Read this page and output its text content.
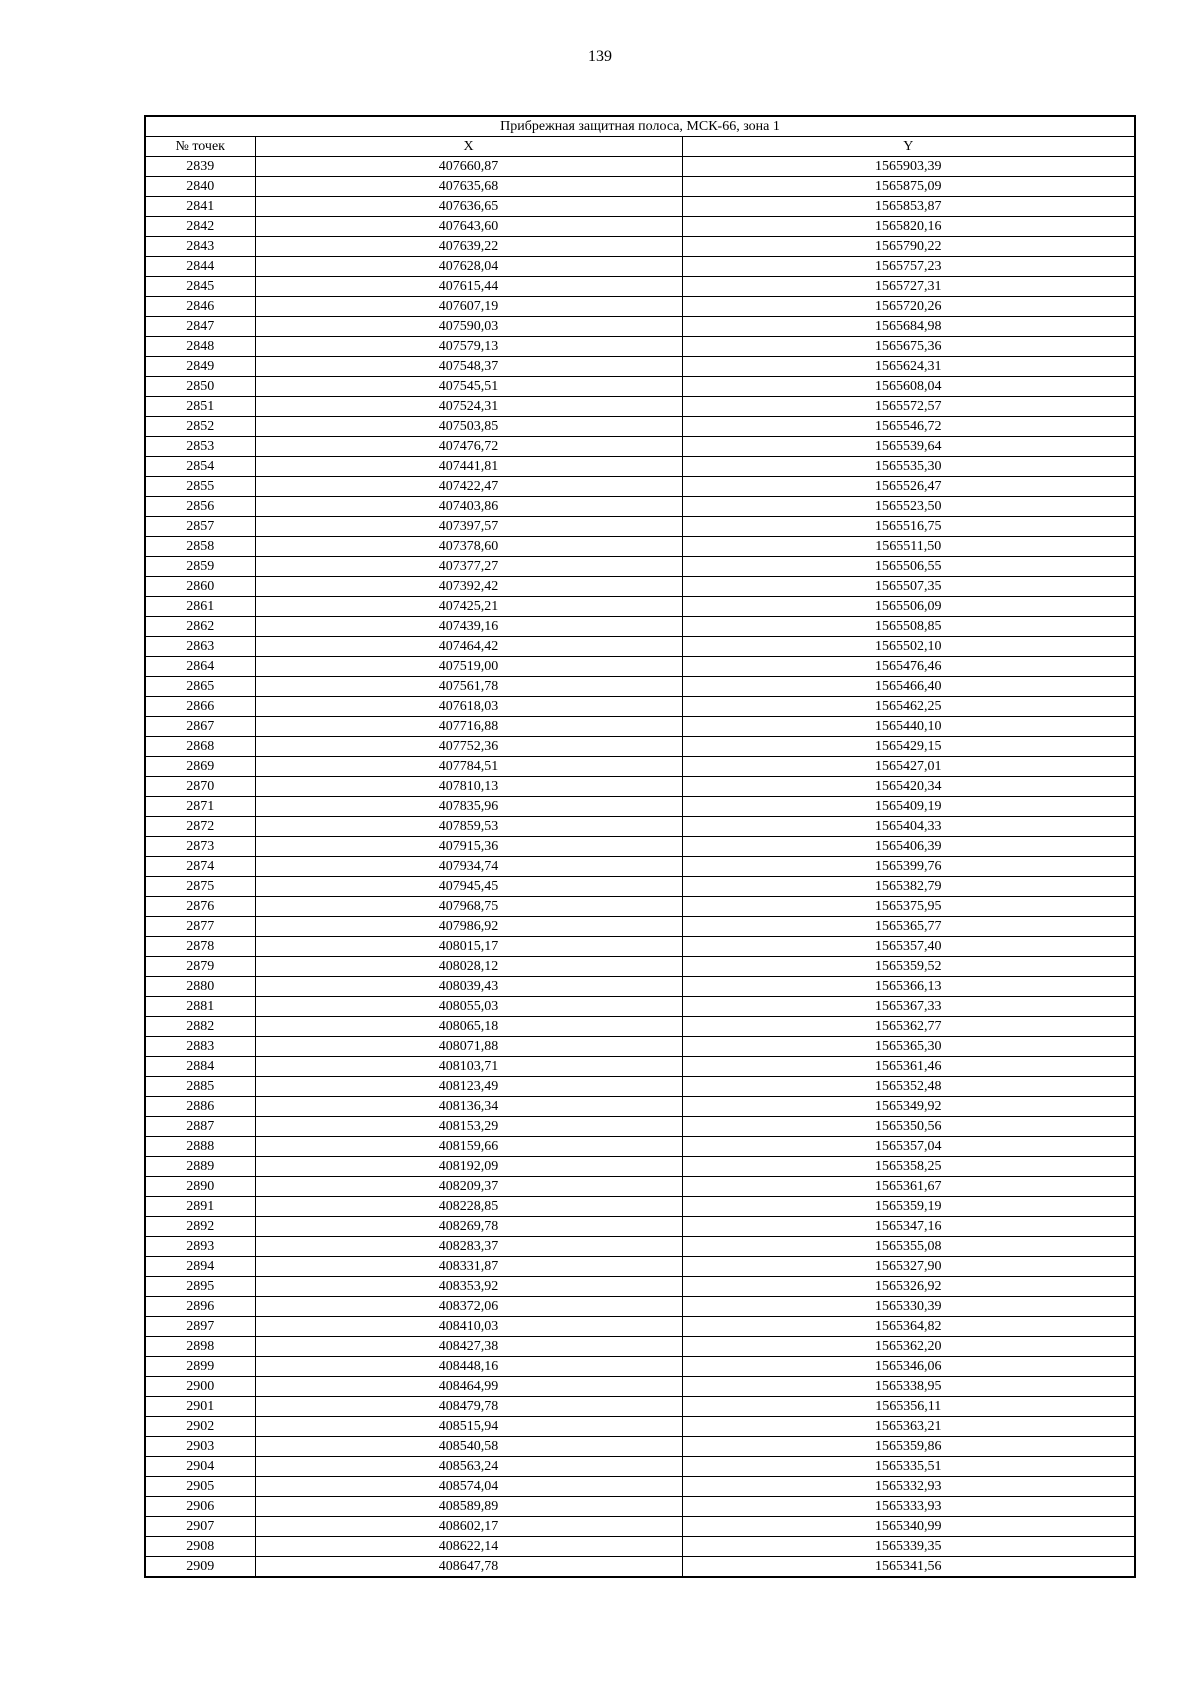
139
Прибрежная защитная полоса, МСК-66, зона 1		
№ точек	X	Y
2839	407660,87	1565903,39
2840	407635,68	1565875,09
2841	407636,65	1565853,87
2842	407643,60	1565820,16
2843	407639,22	1565790,22
2844	407628,04	1565757,23
2845	407615,44	1565727,31
2846	407607,19	1565720,26
2847	407590,03	1565684,98
2848	407579,13	1565675,36
2849	407548,37	1565624,31
2850	407545,51	1565608,04
2851	407524,31	1565572,57
2852	407503,85	1565546,72
2853	407476,72	1565539,64
2854	407441,81	1565535,30
2855	407422,47	1565526,47
2856	407403,86	1565523,50
2857	407397,57	1565516,75
2858	407378,60	1565511,50
2859	407377,27	1565506,55
2860	407392,42	1565507,35
2861	407425,21	1565506,09
2862	407439,16	1565508,85
2863	407464,42	1565502,10
2864	407519,00	1565476,46
2865	407561,78	1565466,40
2866	407618,03	1565462,25
2867	407716,88	1565440,10
2868	407752,36	1565429,15
2869	407784,51	1565427,01
2870	407810,13	1565420,34
2871	407835,96	1565409,19
2872	407859,53	1565404,33
2873	407915,36	1565406,39
2874	407934,74	1565399,76
2875	407945,45	1565382,79
2876	407968,75	1565375,95
2877	407986,92	1565365,77
2878	408015,17	1565357,40
2879	408028,12	1565359,52
2880	408039,43	1565366,13
2881	408055,03	1565367,33
2882	408065,18	1565362,77
2883	408071,88	1565365,30
2884	408103,71	1565361,46
2885	408123,49	1565352,48
2886	408136,34	1565349,92
2887	408153,29	1565350,56
2888	408159,66	1565357,04
2889	408192,09	1565358,25
2890	408209,37	1565361,67
2891	408228,85	1565359,19
2892	408269,78	1565347,16
2893	408283,37	1565355,08
2894	408331,87	1565327,90
2895	408353,92	1565326,92
2896	408372,06	1565330,39
2897	408410,03	1565364,82
2898	408427,38	1565362,20
2899	408448,16	1565346,06
2900	408464,99	1565338,95
2901	408479,78	1565356,11
2902	408515,94	1565363,21
2903	408540,58	1565359,86
2904	408563,24	1565335,51
2905	408574,04	1565332,93
2906	408589,89	1565333,93
2907	408602,17	1565340,99
2908	408622,14	1565339,35
2909	408647,78	1565341,56
